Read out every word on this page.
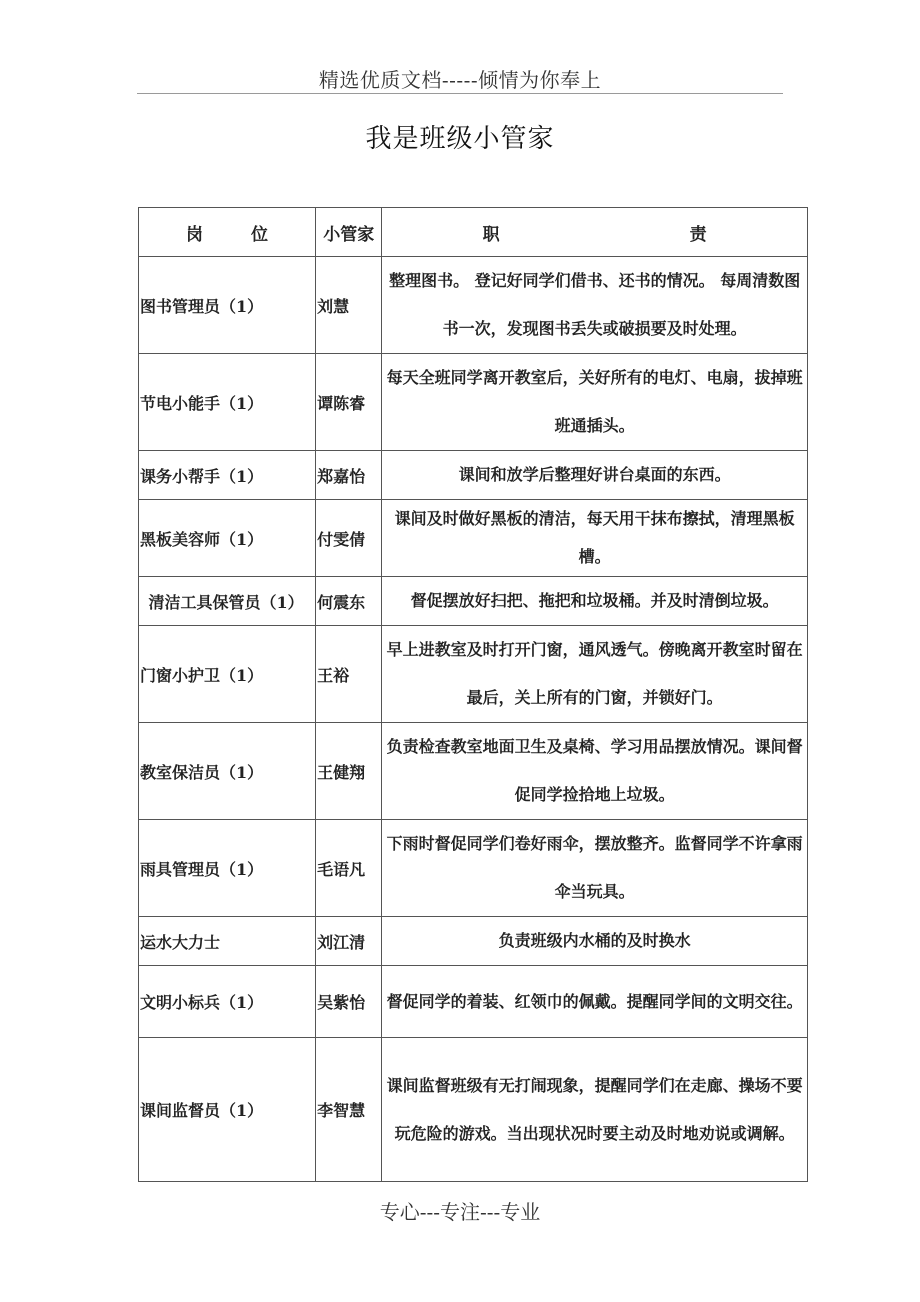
精选优质文档-----倾情为你奉上
我是班级小管家
岗 位	小管家	职 责
图书管理员（1）	刘慧	整理图书。 登记好同学们借书、还书的情况。 每周清数图书一次，发现图书丢失或破损要及时处理。
节电小能手（1）	谭陈睿	每天全班同学离开教室后，关好所有的电灯、电扇，拔掉班班通插头。
课务小帮手（1）	郑嘉怡	课间和放学后整理好讲台桌面的东西。
黑板美容师（1）	付雯倩	课间及时做好黑板的清洁，每天用干抹布擦拭，清理黑板槽。
清洁工具保管员（1）	何震东	督促摆放好扫把、拖把和垃圾桶。并及时清倒垃圾。
门窗小护卫（1）	王裕	早上进教室及时打开门窗，通风透气。傍晚离开教室时留在最后，关上所有的门窗，并锁好门。
教室保洁员（1）	王健翔	负责检查教室地面卫生及桌椅、学习用品摆放情况。课间督促同学捡拾地上垃圾。
雨具管理员（1）	毛语凡	下雨时督促同学们卷好雨伞，摆放整齐。监督同学不许拿雨伞当玩具。
运水大力士	刘江清	负责班级内水桶的及时换水
文明小标兵（1）	吴紫怡	督促同学的着装、红领巾的佩戴。提醒同学间的文明交往。
课间监督员（1）	李智慧	课间监督班级有无打闹现象，提醒同学们在走廊、操场不要玩危险的游戏。当出现状况时要主动及时地劝说或调解。
专心---专注---专业
